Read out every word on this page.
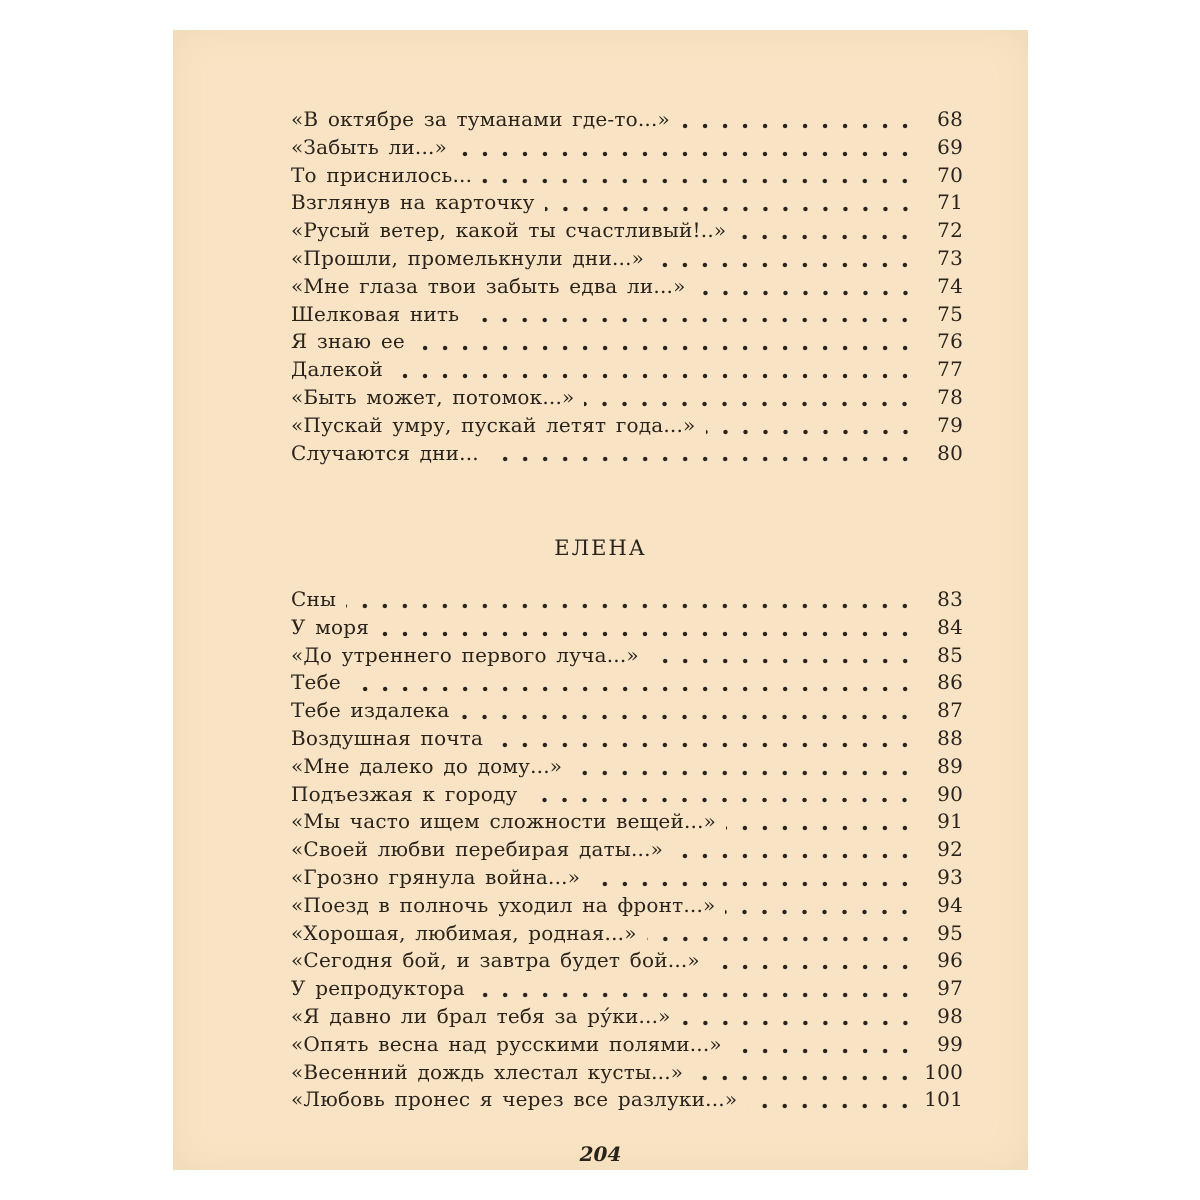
«В октябре за туманами где-то...»	68
«Забыть ли...»	69
То приснилось...	70
Взглянув на карточку	71
«Русый ветер, какой ты счастливый!..»	72
«Прошли, промелькнули дни...»	73
«Мне глаза твои забыть едва ли...»	74
Шелковая нить	75
Я знаю ее	76
Далекой	77
«Быть может, потомок...»	78
«Пускай умру, пускай летят года...»	79
Случаются дни...	80
ЕЛЕНА
Сны	83
У моря	84
«До утреннего первого луча...»	85
Тебе	86
Тебе издалека	87
Воздушная почта	88
«Мне далеко до дому...»	89
Подъезжая к городу	90
«Мы часто ищем сложности вещей...»	91
«Своей любви перебирая даты...»	92
«Грозно грянула война...»	93
«Поезд в полночь уходил на фронт...»	94
«Хорошая, любимая, родная...»	95
«Сегодня бой, и завтра будет бой...»	96
У репродуктора	97
«Я давно ли брал тебя за ру́ки...»	98
«Опять весна над русскими полями...»	99
«Весенний дождь хлестал кусты...»	100
«Любовь пронес я через все разлуки...»	101
204
